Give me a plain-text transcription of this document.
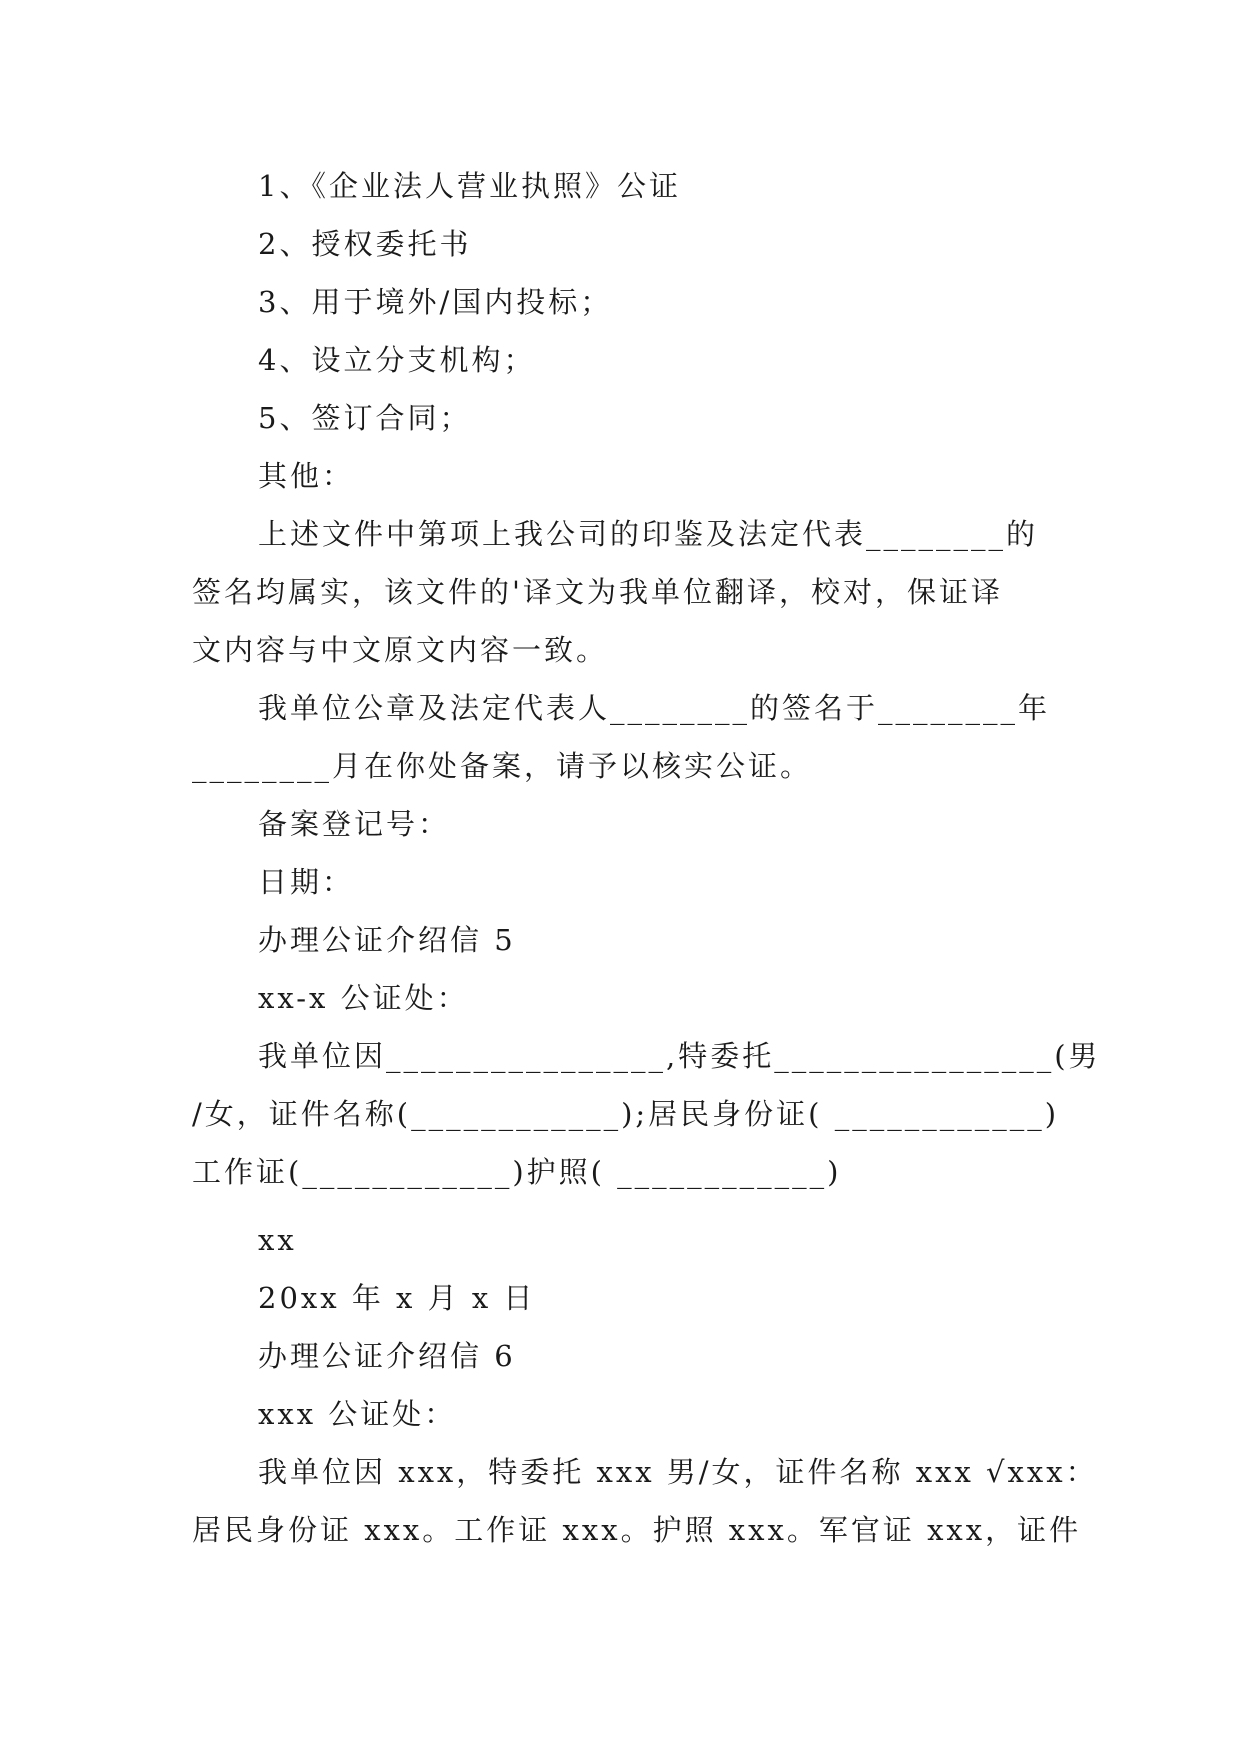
1、《企业法人营业执照》公证
2、授权委托书
3、用于境外/国内投标；
4、设立分支机构；
5、签订合同；
其他：
上述文件中第项上我公司的印鉴及法定代表________的
签名均属实，该文件的'译文为我单位翻译，校对，保证译
文内容与中文原文内容一致。
我单位公章及法定代表人________的签名于________年
________月在你处备案，请予以核实公证。
备案登记号：
日期：
办理公证介绍信 5
xx-x 公证处：
我单位因________________,特委托________________(男
/女，证件名称(____________);居民身份证( ____________)
工作证(____________)护照( ____________)
xx
20xx 年 x 月 x 日
办理公证介绍信 6
xxx 公证处：
我单位因 xxx，特委托 xxx 男/女，证件名称 xxx √xxx：
居民身份证 xxx。工作证 xxx。护照 xxx。军官证 xxx，证件
